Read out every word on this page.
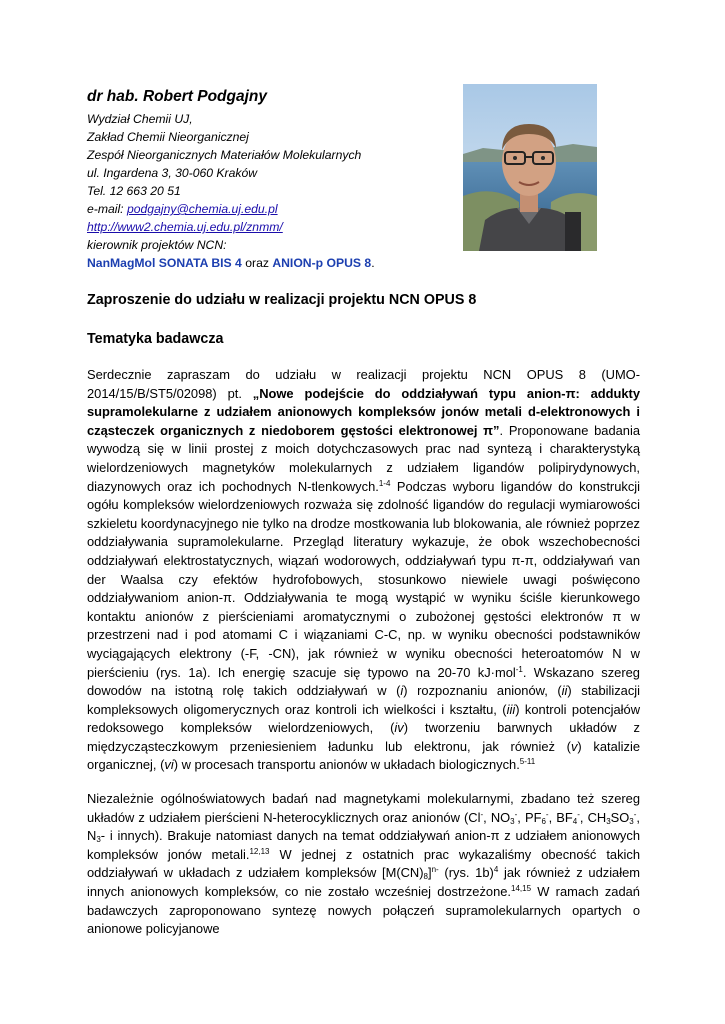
dr hab. Robert Podgajny
Wydział Chemii UJ,
Zakład Chemii Nieorganicznej
Zespół Nieorganicznych Materiałów Molekularnych
ul. Ingardena 3, 30-060 Kraków
Tel. 12 663 20 51
e-mail: podgajny@chemia.uj.edu.pl
http://www2.chemia.uj.edu.pl/znmm/
kierownik projektów NCN:
NanMagMol SONATA BIS 4 oraz ANION-p OPUS 8.
Zaproszenie do udziału w realizacji projektu NCN OPUS 8
Tematyka badawcza
Serdecznie zapraszam do udziału w realizacji projektu NCN OPUS 8 (UMO-2014/15/B/ST5/02098) pt. „Nowe podejście do oddziaływań typu anion-π: addukty supramolekularne z udziałem anionowych kompleksów jonów metali d-elektronowych i cząsteczek organicznych z niedoborem gęstości elektronowej π”. Proponowane badania wywodzą się w linii prostej z moich dotychczasowych prac nad syntezą i charakterystyką wielordzeniowych magnetyków molekularnych z udziałem ligandów polipirydynowych, diazynowych oraz ich pochodnych N-tlenkowych.$^{1-4}$ Podczas wyboru ligandów do konstrukcji ogółu kompleksów wielordzeniowych rozważa się zdolność ligandów do regulacji wymiarowości szkieletu koordynacyjnego nie tylko na drodze mostkowania lub blokowania, ale również poprzez oddziaływania supramolekularne. Przegląd literatury wykazuje, że obok wszechobecności oddziaływań elektrostatycznych, wiązań wodorowych, oddziaływań typu π-π, oddziaływań van der Waalsa czy efektów hydrofobowych, stosunkowo niewiele uwagi poświęcono oddziaływaniom anion-π. Oddziaływania te mogą wystąpić w wyniku ściśle kierunkowego kontaktu anionów z pierścieniami aromatycznymi o zubożonej gęstości elektronów π w przestrzeni nad i pod atomami C i wiązaniami C-C, np. w wyniku obecności podstawników wyciągających elektrony (-F, -CN), jak również w wyniku obecności heteroatomów N w pierścieniu (rys. 1a). Ich energię szacuje się typowo na 20-70 kJ·mol$^{-1}$. Wskazano szereg dowodów na istotną rolę takich oddziaływań w (i) rozpoznaniu anionów, (ii) stabilizacji kompleksowych oligomerycznych oraz kontroli ich wielkości i kształtu, (iii) kontroli potencjałów redoksowego kompleksów wielordzeniowych, (iv) tworzeniu barwnych układów z międzycząsteczkowym przeniesieniem ładunku lub elektronu, jak również (v) katalizie organicznej, (vi) w procesach transportu anionów w układach biologicznych.$^{5-11}$
Niezależnie ogólnoświatowych badań nad magnetykami molekularnymi, zbadano też szereg układów z udziałem pierścieni N-heterocyklicznych oraz anionów (Cl-, $NO_3^-$, $PF_6^-$, $BF_4^-$, $CH_3SO_3^-$, $N_3-$ i innych). Brakuje natomiast danych na temat oddziaływań anion-π z udziałem anionowych kompleksów jonów metali.$^{12,13}$ W jednej z ostatnich prac wykazaliśmy obecność takich oddziaływań w układach z udziałem kompleksów $[M(CN)_8]^{n-}$ (rys. 1b)$^4$ jak również z udziałem innych anionowych kompleksów, co nie zostało wcześniej dostrzeżone.$^{14,15}$ W ramach zadań badawczych zaproponowano syntezę nowych połączeń supramolekularnych opartych o anionowe policyjanowe
